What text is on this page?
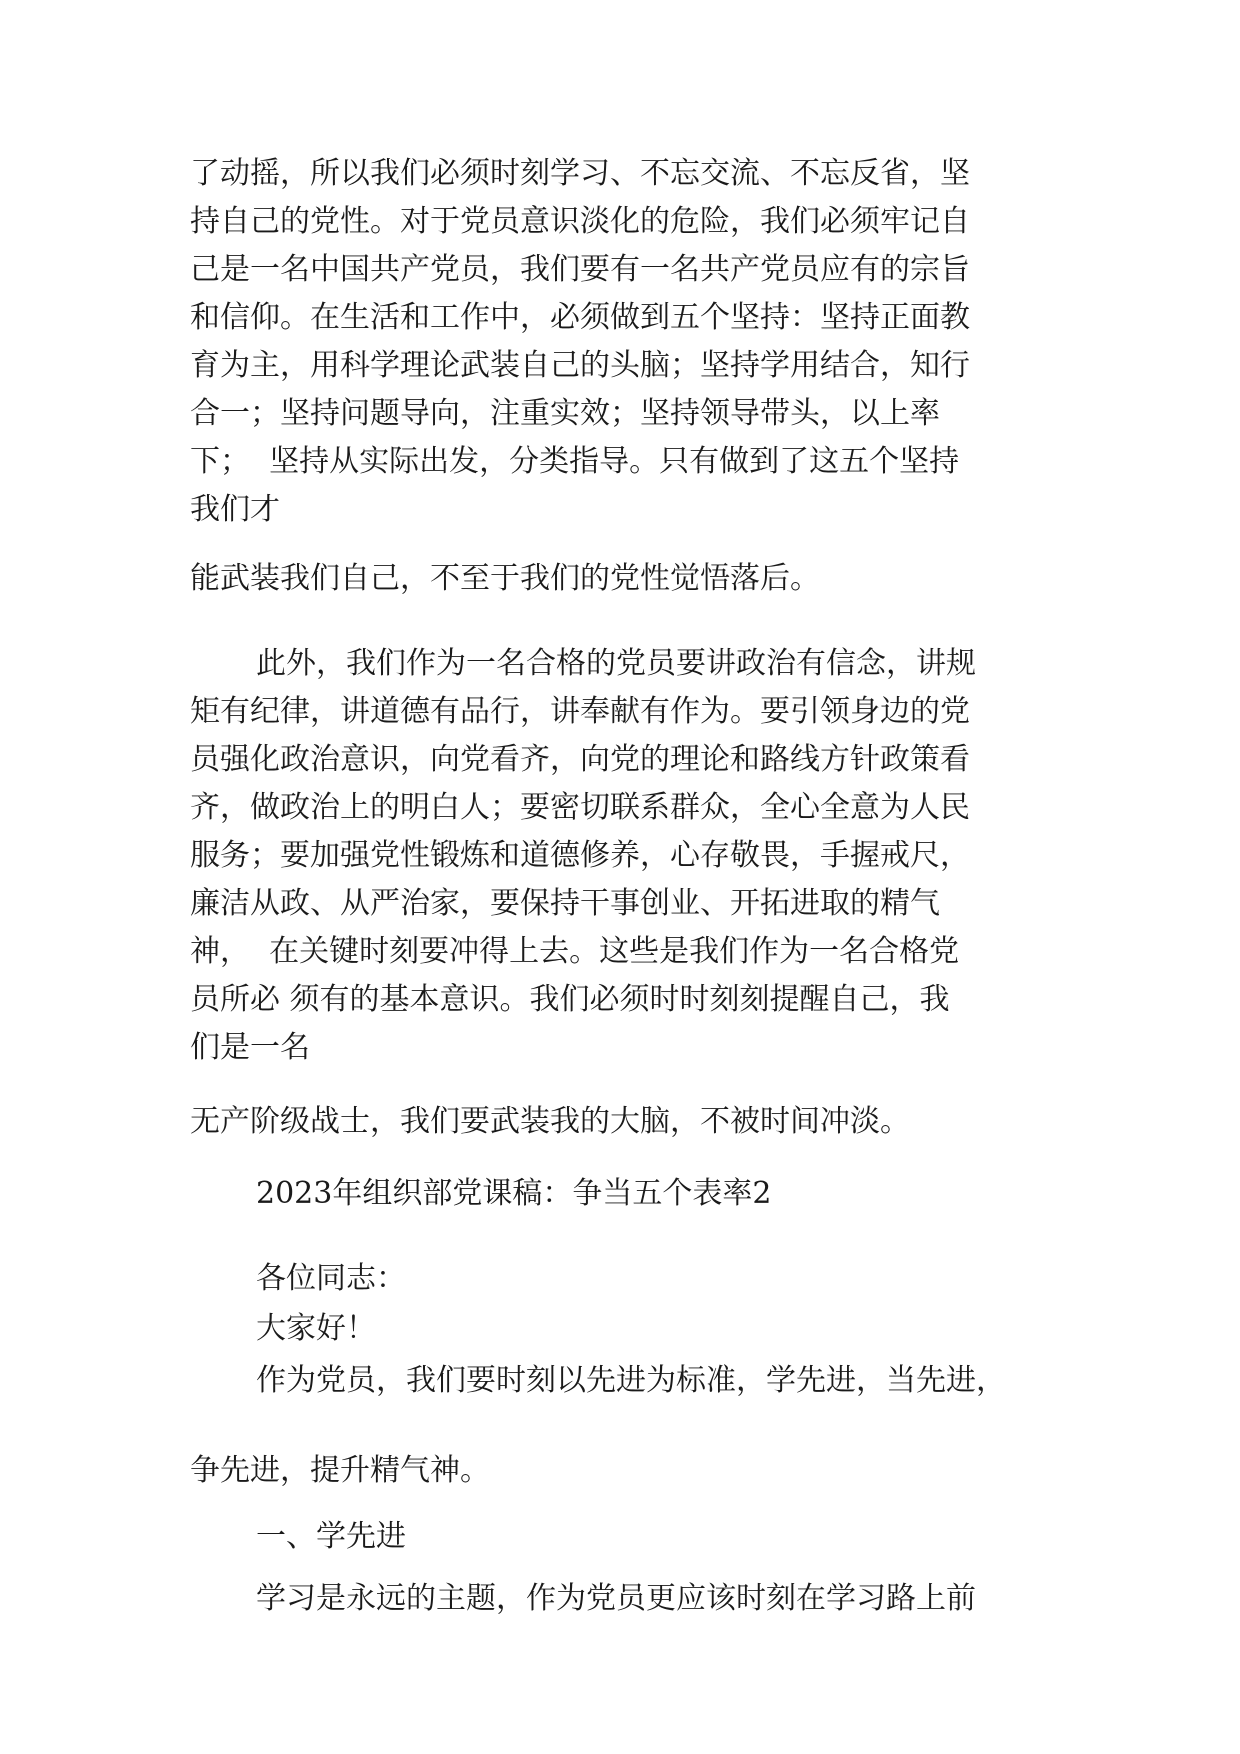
了动摇，所以我们必须时刻学习、不忘交流、不忘反省，坚
持自己的党性。对于党员意识淡化的危险，我们必须牢记自
己是一名中国共产党员，我们要有一名共产党员应有的宗旨
和信仰。在生活和工作中，必须做到五个坚持：坚持正面教
育为主，用科学理论武装自己的头脑；坚持学用结合，知行
合一；坚持问题导向，注重实效；坚持领导带头，以上率
下；  坚持从实际出发，分类指导。只有做到了这五个坚持
我们才

能武装我们自己，不至于我们的党性觉悟落后。

此外，我们作为一名合格的党员要讲政治有信念，讲规
矩有纪律，讲道德有品行，讲奉献有作为。要引领身边的党
员强化政治意识，向党看齐，向党的理论和路线方针政策看
齐，做政治上的明白人；要密切联系群众，全心全意为人民
服务；要加强党性锻炼和道德修养，心存敬畏，手握戒尺，
廉洁从政、从严治家，要保持干事创业、开拓进取的精气
神，  在关键时刻要冲得上去。这些是我们作为一名合格党
员所必 须有的基本意识。我们必须时时刻刻提醒自己，我
们是一名

无产阶级战士，我们要武装我的大脑，不被时间冲淡。

2023年组织部党课稿：争当五个表率2

各位同志：

大家好！

作为党员，我们要时刻以先进为标准，学先进，当先进，

争先进，提升精气神。

一、学先进

学习是永远的主题，作为党员更应该时刻在学习路上前
